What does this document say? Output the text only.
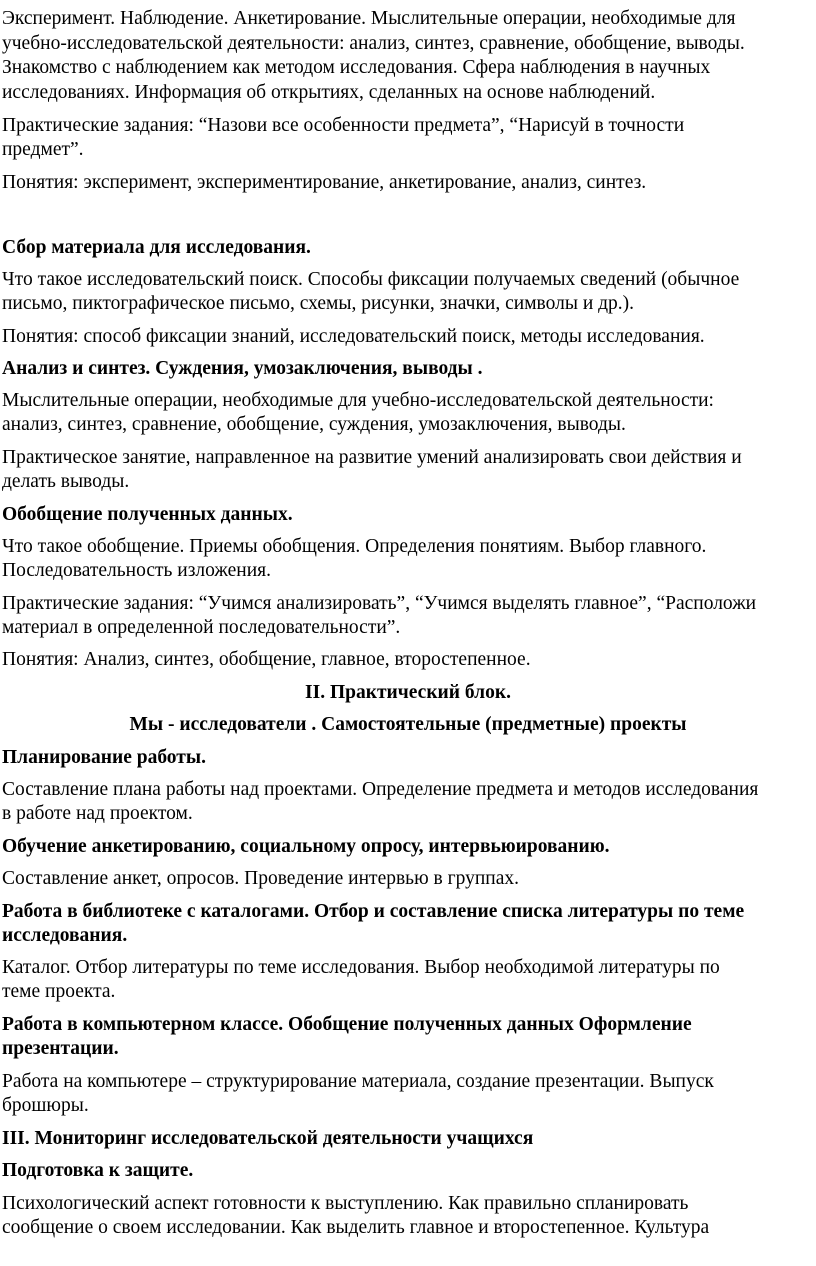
Эксперимент. Наблюдение. Анкетирование. Мыслительные операции, необходимые для

учебно-исследовательской деятельности: анализ, синтез, сравнение, обобщение, выводы.

Знакомство с наблюдением как методом исследования. Сфера наблюдения в научных

исследованиях. Информация об открытиях, сделанных на основе наблюдений.

Практические задания: “Назови все особенности предмета”, “Нарисуй в точности

предмет”.

Понятия: эксперимент, экспериментирование, анкетирование, анализ, синтез.

Сбор материала для исследования.

Что такое исследовательский поиск. Способы фиксации получаемых сведений (обычное

письмо, пиктографическое письмо, схемы, рисунки, значки, символы и др.).

Понятия: способ фиксации знаний, исследовательский поиск, методы исследования.

Анализ и синтез. Суждения, умозаключения, выводы .

Мыслительные операции, необходимые для учебно-исследовательской деятельности:

анализ, синтез, сравнение, обобщение, суждения, умозаключения, выводы.

Практическое занятие, направленное на развитие умений анализировать свои действия и

делать выводы.

Обобщение полученных данных.

Что такое обобщение. Приемы обобщения. Определения понятиям. Выбор главного.

Последовательность изложения.

Практические задания: “Учимся анализировать”, “Учимся выделять главное”, “Расположи

материал в определенной последовательности”.

Понятия: Анализ, синтез, обобщение, главное, второстепенное.

II. Практический блок.

Мы - исследователи . Самостоятельные (предметные) проекты

Планирование работы.

Составление плана работы над проектами. Определение предмета и методов исследования

в работе над проектом.

Обучение анкетированию, социальному опросу, интервьюированию.

Составление анкет, опросов. Проведение интервью в группах.

Работа в библиотеке с каталогами. Отбор и составление списка литературы по теме

исследования.

Каталог. Отбор литературы по теме исследования. Выбор необходимой литературы по

теме проекта.

Работа в компьютерном классе. Обобщение полученных данных Оформление

презентации.

Работа на компьютере – структурирование материала, создание презентации. Выпуск

брошюры.

III. Мониторинг исследовательской деятельности учащихся

Подготовка к защите.

Психологический аспект готовности к выступлению. Как правильно спланировать

сообщение о своем исследовании. Как выделить главное и второстепенное. Культура
